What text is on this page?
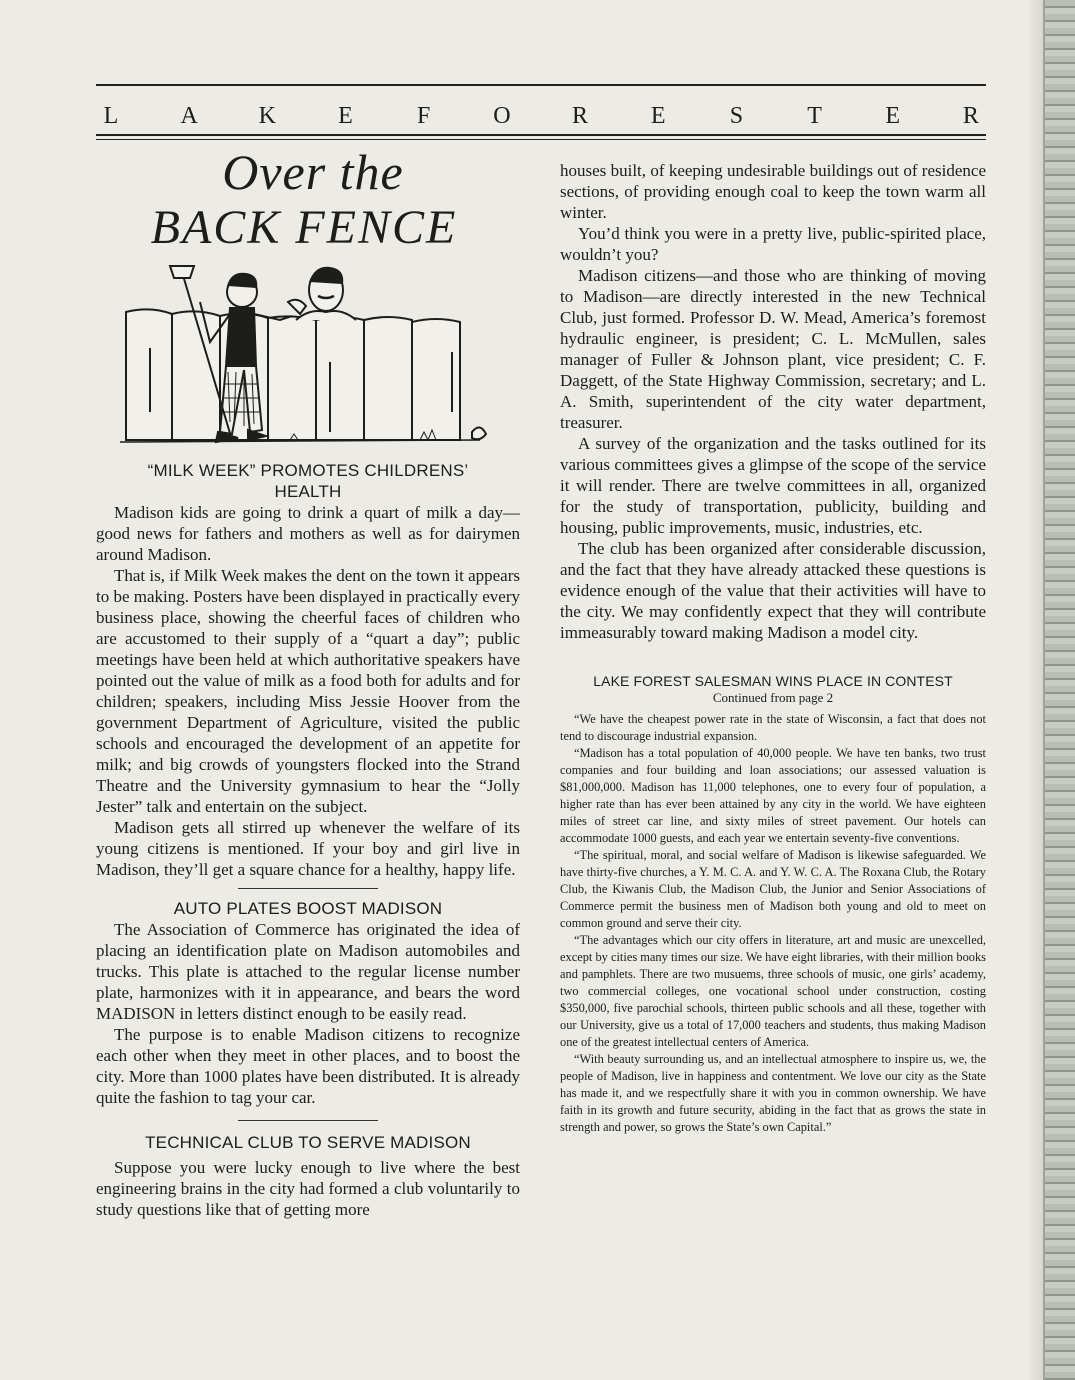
L	A	K	E	F	O	R	E	S	T	E	R
Over the
BACK FENCE
“MILK WEEK” PROMOTES CHILDRENS’
HEALTH

Madison kids are going to drink a quart of milk a day—good news for fathers and mothers as well as for dairymen around Madison.

That is, if Milk Week makes the dent on the town it appears to be making. Posters have been displayed in practically every business place, showing the cheerful faces of children who are accustomed to their supply of a “quart a day”; public meetings have been held at which authoritative speakers have pointed out the value of milk as a food both for adults and for children; speakers, including Miss Jessie Hoover from the government Department of Agriculture, visited the public schools and encouraged the development of an appetite for milk; and big crowds of youngsters flocked into the Strand Theatre and the University gymnasium to hear the “Jolly Jester” talk and entertain on the subject.

Madison gets all stirred up whenever the welfare of its young citizens is mentioned. If your boy and girl live in Madison, they’ll get a square chance for a healthy, happy life.

AUTO PLATES BOOST MADISON

The Association of Commerce has originated the idea of placing an identification plate on Madison automobiles and trucks. This plate is attached to the regular license number plate, harmonizes with it in appearance, and bears the word MADISON in letters distinct enough to be easily read.

The purpose is to enable Madison citizens to recognize each other when they meet in other places, and to boost the city. More than 1000 plates have been distributed. It is already quite the fashion to tag your car.

TECHNICAL CLUB TO SERVE MADISON

Suppose you were lucky enough to live where the best engineering brains in the city had formed a club voluntarily to study questions like that of getting more

houses built, of keeping undesirable buildings out of residence sections, of providing enough coal to keep the town warm all winter.

You’d think you were in a pretty live, public-spirited place, wouldn’t you?

Madison citizens—and those who are thinking of moving to Madison—are directly interested in the new Technical Club, just formed. Professor D. W. Mead, America’s foremost hydraulic engineer, is president; C. L. McMullen, sales manager of Fuller & Johnson plant, vice president; C. F. Daggett, of the State Highway Commission, secretary; and L. A. Smith, superintendent of the city water department, treasurer.

A survey of the organization and the tasks outlined for its various committees gives a glimpse of the scope of the service it will render. There are twelve committees in all, organized for the study of transportation, publicity, building and housing, public improvements, music, industries, etc.

The club has been organized after considerable discussion, and the fact that they have already attacked these questions is evidence enough of the value that their activities will have to the city. We may confidently expect that they will contribute immeasurably toward making Madison a model city.

LAKE FOREST SALESMAN WINS PLACE IN CONTEST
Continued from page 2

“We have the cheapest power rate in the state of Wisconsin, a fact that does not tend to discourage industrial expansion.

“Madison has a total population of 40,000 people. We have ten banks, two trust companies and four building and loan associations; our assessed valuation is $81,000,000. Madison has 11,000 telephones, one to every four of population, a higher rate than has ever been attained by any city in the world. We have eighteen miles of street car line, and sixty miles of street pavement. Our hotels can accommodate 1000 guests, and each year we entertain seventy-five conventions.

“The spiritual, moral, and social welfare of Madison is likewise safeguarded. We have thirty-five churches, a Y. M. C. A. and Y. W. C. A. The Roxana Club, the Rotary Club, the Kiwanis Club, the Madison Club, the Junior and Senior Associations of Commerce permit the business men of Madison both young and old to meet on common ground and serve their city.

“The advantages which our city offers in literature, art and music are unexcelled, except by cities many times our size. We have eight libraries, with their million books and pamphlets. There are two musuems, three schools of music, one girls’ academy, two commercial colleges, one vocational school under construction, costing $350,000, five parochial schools, thirteen public schools and all these, together with our University, give us a total of 17,000 teachers and students, thus making Madison one of the greatest intellectual centers of America.

“With beauty surrounding us, and an intellectual atmosphere to inspire us, we, the people of Madison, live in happiness and contentment. We love our city as the State has made it, and we respectfully share it with you in common ownership. We have faith in its growth and future security, abiding in the fact that as grows the state in strength and power, so grows the State’s own Capital.”
